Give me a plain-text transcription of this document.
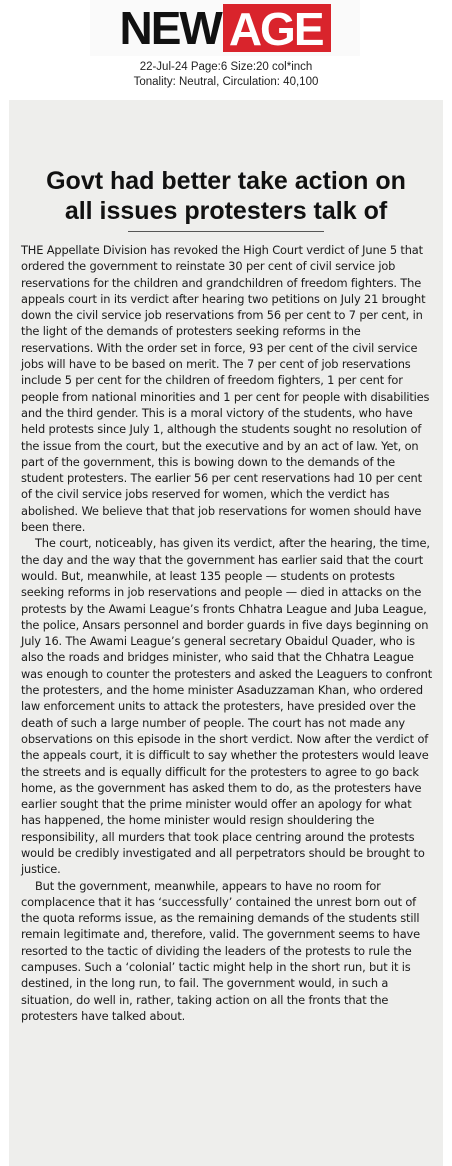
NEW AGE
22-Jul-24 Page:6 Size:20 col*inch
Tonality: Neutral, Circulation: 40,100
Govt had better take action on
all issues protesters talk of

THE Appellate Division has revoked the High Court verdict of June 5 that ordered the government to reinstate 30 per cent of civil service job reservations for the children and grandchildren of freedom fighters. The appeals court in its verdict after hearing two petitions on July 21 brought down the civil service job reservations from 56 per cent to 7 per cent, in the light of the demands of protesters seeking reforms in the reservations. With the order set in force, 93 per cent of the civil service jobs will have to be based on merit. The 7 per cent of job reservations include 5 per cent for the children of freedom fighters, 1 per cent for people from national minorities and 1 per cent for people with disabilities and the third gender. This is a moral victory of the students, who have held protests since July 1, although the students sought no resolution of the issue from the court, but the executive and by an act of law. Yet, on part of the government, this is bowing down to the demands of the student protesters. The earlier 56 per cent reservations had 10 per cent of the civil service jobs reserved for women, which the verdict has abolished. We believe that that job reservations for women should have been there.

The court, noticeably, has given its verdict, after the hearing, the time, the day and the way that the government has earlier said that the court would. But, meanwhile, at least 135 people — students on protests seeking reforms in job reservations and people — died in attacks on the protests by the Awami League’s fronts Chhatra League and Juba League, the police, Ansars personnel and border guards in five days beginning on July 16. The Awami League’s general secretary Obaidul Quader, who is also the roads and bridges minister, who said that the Chhatra League was enough to counter the protesters and asked the Leaguers to confront the protesters, and the home minister Asaduzzaman Khan, who ordered law enforcement units to attack the protesters, have presided over the death of such a large number of people. The court has not made any observations on this episode in the short verdict. Now after the verdict of the appeals court, it is difficult to say whether the protesters would leave the streets and is equally difficult for the protesters to agree to go back home, as the government has asked them to do, as the protesters have earlier sought that the prime minister would offer an apology for what has happened, the home minister would resign shouldering the responsibility, all murders that took place centring around the protests would be credibly investigated and all perpetrators should be brought to justice.

But the government, meanwhile, appears to have no room for complacence that it has ‘successfully’ contained the unrest born out of the quota reforms issue, as the remaining demands of the students still remain legitimate and, therefore, valid. The government seems to have resorted to the tactic of dividing the leaders of the protests to rule the campuses. Such a ‘colonial’ tactic might help in the short run, but it is destined, in the long run, to fail. The government would, in such a situation, do well in, rather, taking action on all the fronts that the protesters have talked about.
